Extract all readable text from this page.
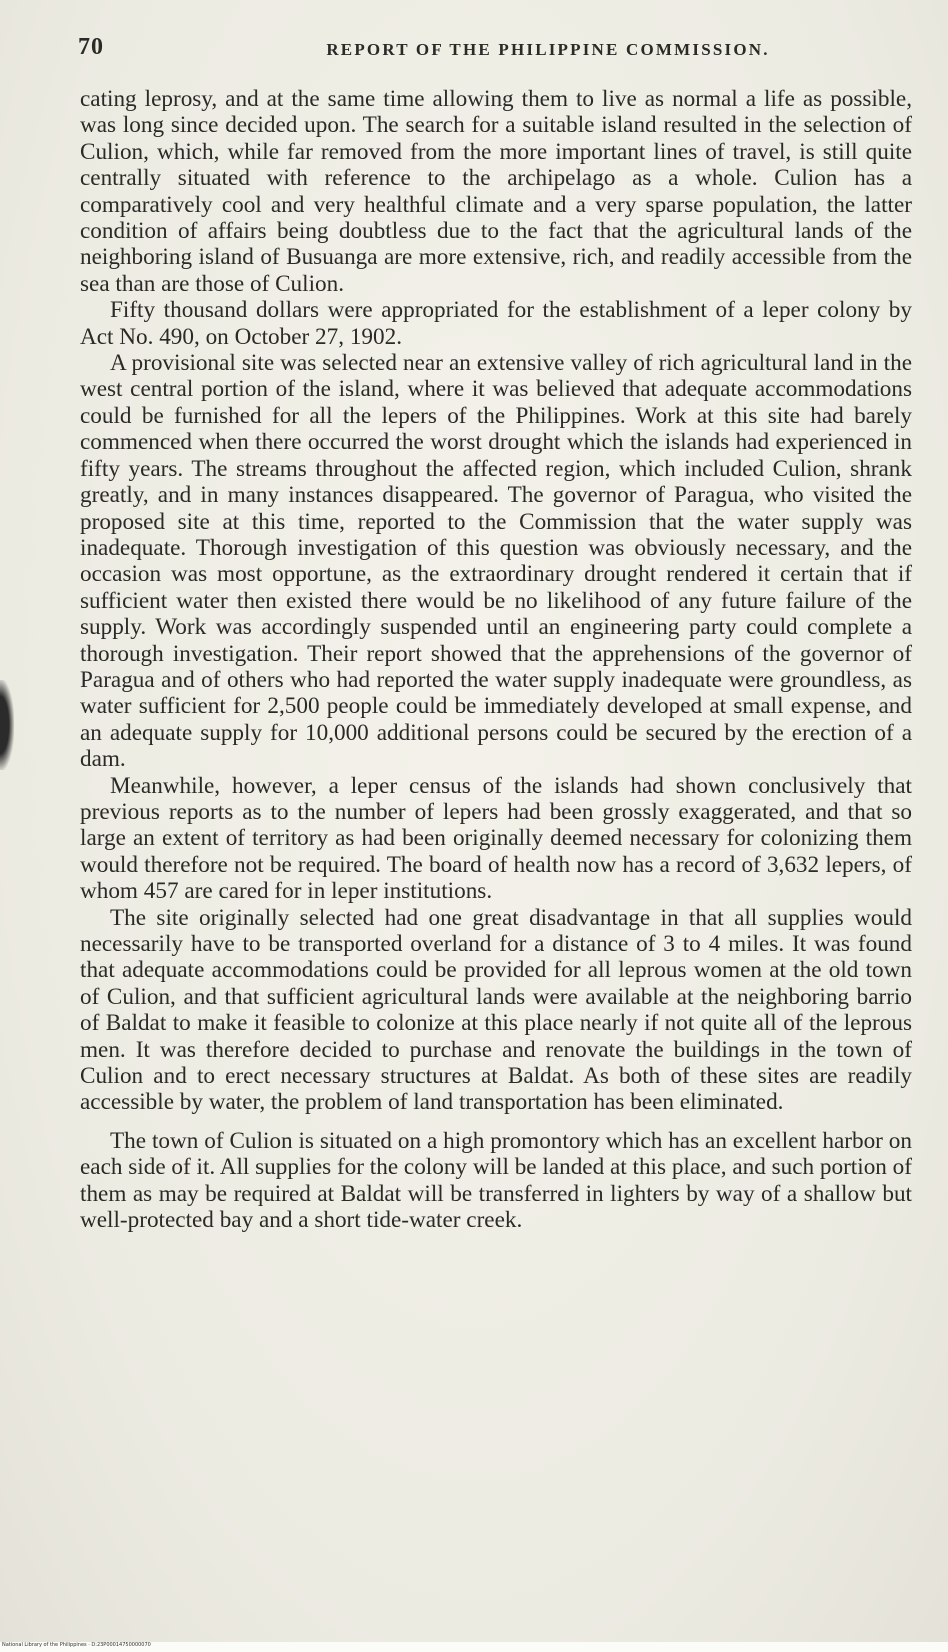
70	REPORT OF THE PHILIPPINE COMMISSION.

cating leprosy, and at the same time allowing them to live as normal a life as possible, was long since decided upon. The search for a suitable island resulted in the selection of Culion, which, while far removed from the more important lines of travel, is still quite centrally situated with reference to the archipelago as a whole. Culion has a comparatively cool and very healthful climate and a very sparse population, the latter condition of affairs being doubtless due to the fact that the agricultural lands of the neighboring island of Busuanga are more extensive, rich, and readily accessible from the sea than are those of Culion.

Fifty thousand dollars were appropriated for the establishment of a leper colony by Act No. 490, on October 27, 1902.

A provisional site was selected near an extensive valley of rich agricultural land in the west central portion of the island, where it was believed that adequate accommodations could be furnished for all the lepers of the Philippines. Work at this site had barely commenced when there occurred the worst drought which the islands had experienced in fifty years. The streams throughout the affected region, which included Culion, shrank greatly, and in many instances disappeared. The governor of Paragua, who visited the proposed site at this time, reported to the Commission that the water supply was inadequate. Thorough investigation of this question was obviously necessary, and the occasion was most opportune, as the extraordinary drought rendered it certain that if sufficient water then existed there would be no likelihood of any future failure of the supply. Work was accordingly suspended until an engineering party could complete a thorough investigation. Their report showed that the apprehensions of the governor of Paragua and of others who had reported the water supply inadequate were groundless, as water sufficient for 2,500 people could be immediately developed at small expense, and an adequate supply for 10,000 additional persons could be secured by the erection of a dam.

Meanwhile, however, a leper census of the islands had shown conclusively that previous reports as to the number of lepers had been grossly exaggerated, and that so large an extent of territory as had been originally deemed necessary for colonizing them would therefore not be required. The board of health now has a record of 3,632 lepers, of whom 457 are cared for in leper institutions.

The site originally selected had one great disadvantage in that all supplies would necessarily have to be transported overland for a distance of 3 to 4 miles. It was found that adequate accommodations could be provided for all leprous women at the old town of Culion, and that sufficient agricultural lands were available at the neighboring barrio of Baldat to make it feasible to colonize at this place nearly if not quite all of the leprous men. It was therefore decided to purchase and renovate the buildings in the town of Culion and to erect necessary structures at Baldat. As both of these sites are readily accessible by water, the problem of land transportation has been eliminated.

The town of Culion is situated on a high promontory which has an excellent harbor on each side of it. All supplies for the colony will be landed at this place, and such portion of them as may be required at Baldat will be transferred in lighters by way of a shallow but well-protected bay and a short tide-water creek.

National Library of the Philippines · D:23P00014750000070
